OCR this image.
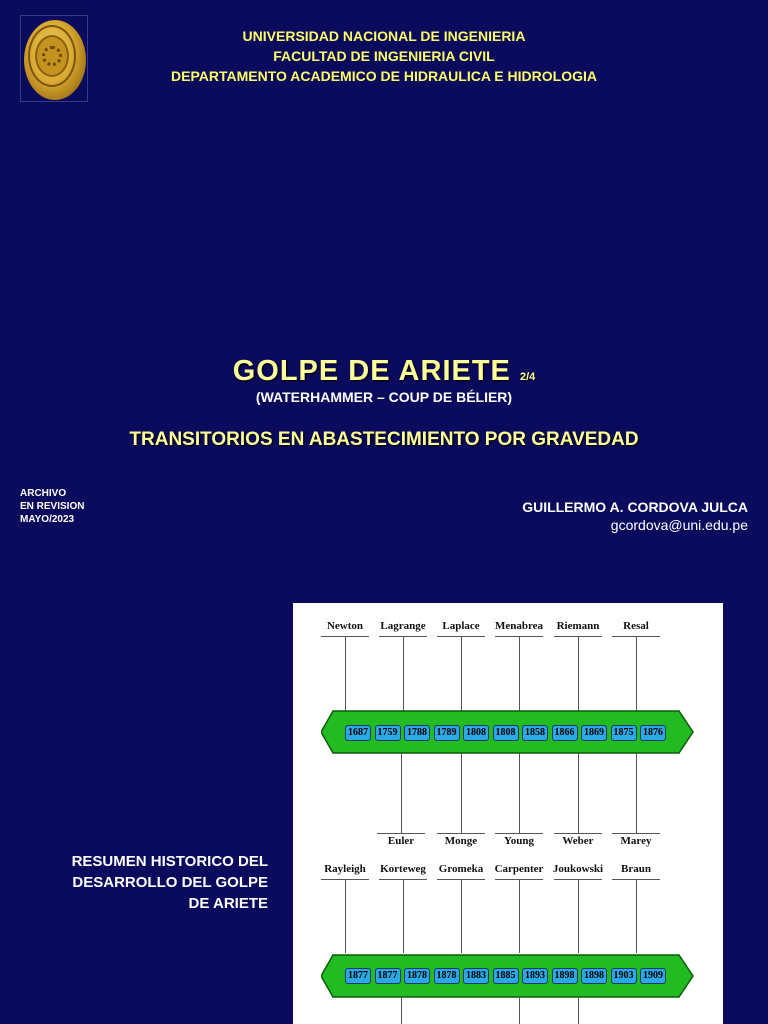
UNIVERSIDAD NACIONAL DE INGENIERIA
FACULTAD DE INGENIERIA CIVIL
DEPARTAMENTO ACADEMICO DE HIDRAULICA E HIDROLOGIA
GOLPE DE ARIETE 2/4
(WATERHAMMER – COUP DE BÉLIER)
TRANSITORIOS EN ABASTECIMIENTO POR GRAVEDAD
ARCHIVO
EN REVISION
MAYO/2023
GUILLERMO A. CORDOVA JULCA
gcordova@uni.edu.pe
RESUMEN HISTORICO DEL
DESARROLLO DEL GOLPE
DE ARIETE
Newton	Lagrange	Laplace	Menabrea	Riemann	Resal
1687 1759 1788 1789 1808 1808 1858 1866 1869 1875 1876
Euler	Monge	Young	Weber	Marey
Rayleigh	Korteweg	Gromeka	Carpenter Joukowski	Braun
1877 1877 1878 1878 1883 1885 1893 1898 1898 1903 1909
